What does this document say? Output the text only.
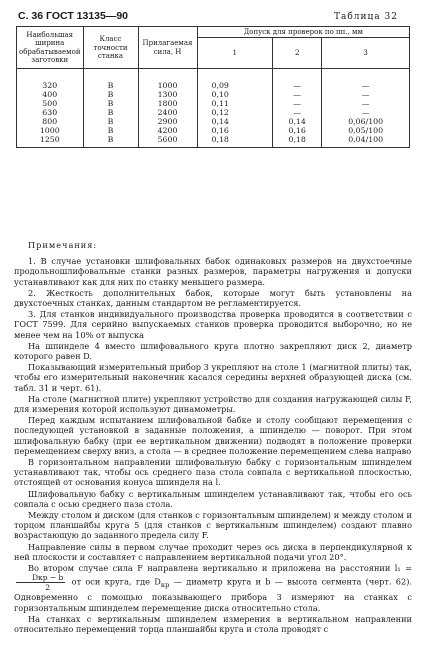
С. 36 ГОСТ 13135—90	Таблица 32
Наибольшая ширина обрабатываемой заготовки	Класс точности станка	Прилагаемая сила, Н	Допуск для проверок по пп., мм		
			1	2	3
320	В	1000	0,09	—	—
400	В	1300	0,10	—	—
500	В	1800	0,11	—	—
630	В	2400	0,12	—	—
800	В	2900	0,14	0,14	0,06/100
1000	В	4200	0,16	0,16	0,05/100
1250	В	5600	0,18	0,18	0,04/100

Примечания:

1. В случае установки шлифовальных бабок одинаковых размеров на двухстоечные продольношлифовальные станки разных размеров, параметры нагружения и допуски устанавливают как для них по станку меньшего размера.

2. Жесткость дополнительных бабок, которые могут быть установлены на двухстоечных станках, данным стандартом не регламентируется.

3. Для станков индивидуального производства проверка проводится в соответствии с ГОСТ 7599. Для серийно выпускаемых станков проверка проводится выборочно, но не менее чем на 10% от выпуска

На шпинделе 4 вместо шлифовального круга плотно закрепляют диск 2, диаметр которого равен D.

Показывающий измерительный прибор 3 укрепляют на столе 1 (магнитной плиты) так, чтобы его измерительный наконечник касался середины верхней образующей диска (см. табл. 31 и черт. 61).

На столе (магнитной плите) укрепляют устройство для создания нагружающей силы F, для измерения которой используют динамометры.

Перед каждым испытанием шлифовальной бабке и столу сообщают перемещения с последующей установкой в заданные положения, а шпинделю — поворот. При этом шлифовальную бабку (при ее вертикальном движении) подводят в положение проверки перемещением сверху вниз, а стола — в среднее положение перемещением слева направо

В горизонтальном направлении шлифовальную бабку с горизонтальным шпинделем устанавливают так, чтобы ось среднего паза стола совпала с вертикальной плоскостью, отстоящей от основания конуса шпинделя на l.

Шлифовальную бабку с вертикальным шпинделем устанавливают так, чтобы его ось совпала с осью среднего паза стола.

Между столом и диском (для станков с горизонтальным шпинделем) и между столом и торцом планшайбы круга 5 (для станков с вертикальным шпинделем) создают плавно возрастающую до заданного предела силу F.

Направление силы в первом случае проходит через ось диска в перпендикулярной к ней плоскости и составляет с направлением вертикальной подачи угол 20°.

Во втором случае сила F направлена вертикально и приложена на расстоянии l₁ =
$\frac{\text{Dкр − b}}{2}$ от оси круга, где $D_{кр}$ — диаметр круга и b — высота сегмента (черт. 62). Одновременно с помощью показывающего прибора 3 измеряют на станках с горизонтальным шпинделем перемещение диска относительно стола.

На станках с вертикальным шпинделем измерения в вертикальном направлении относительно перемещений торца планшайбы круга и стола проводят с
